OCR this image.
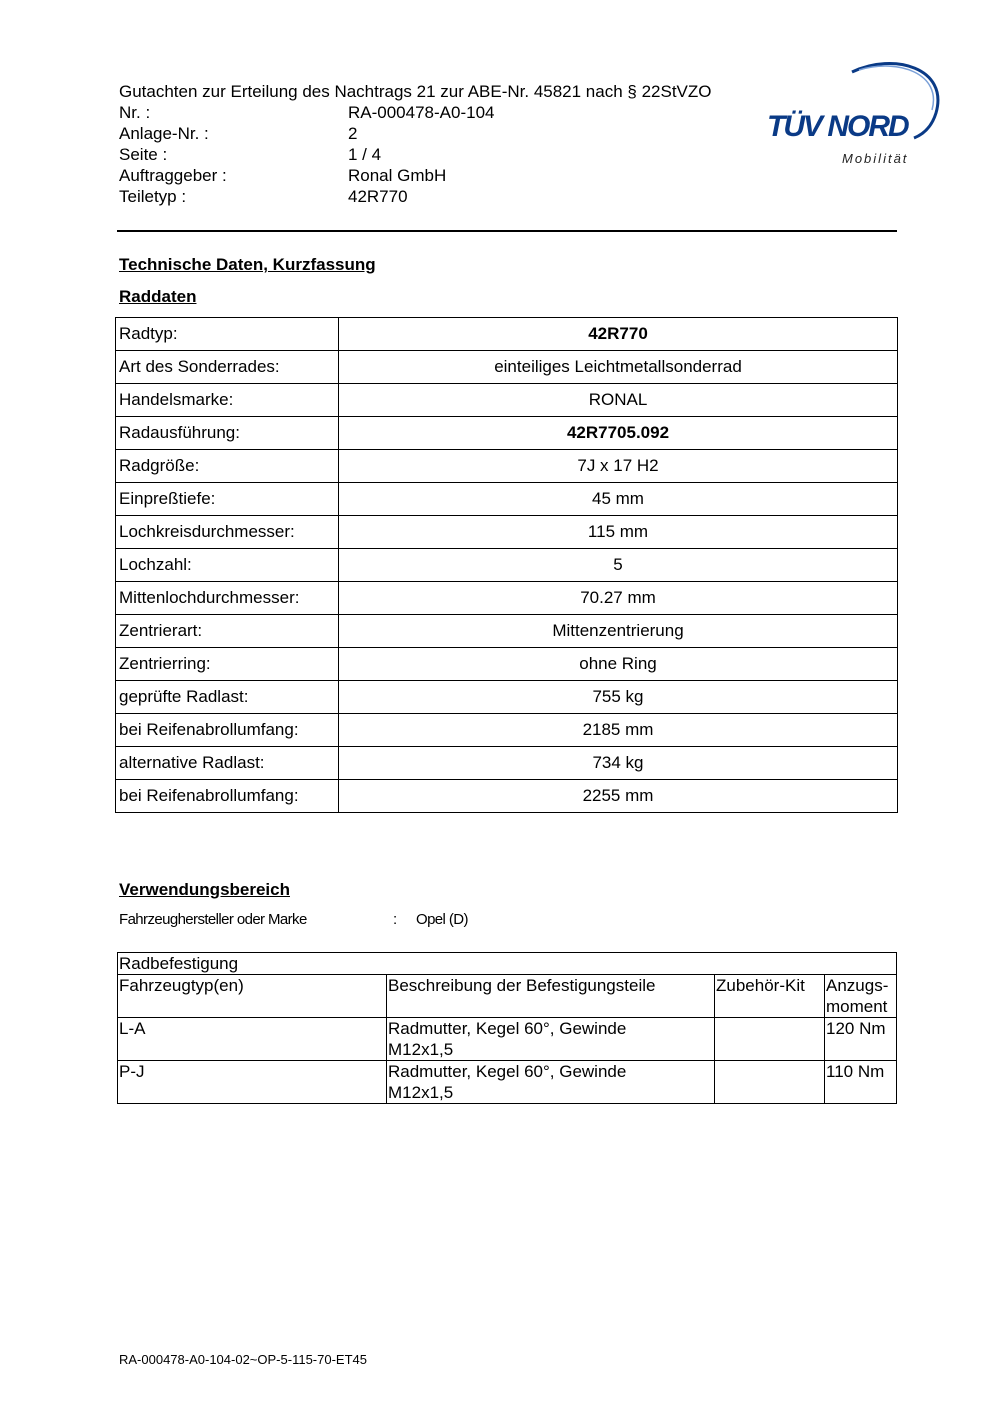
Gutachten zur Erteilung des Nachtrags 21 zur ABE-Nr. 45821 nach § 22StVZO
Nr. :	RA-000478-A0-104
Anlage-Nr. :	2
Seite :	1 / 4
Auftraggeber :	Ronal GmbH
Teiletyp :	42R770
TÜV NORD
Mobilität
Technische Daten, Kurzfassung
Raddaten
Radtyp:	42R770
Art des Sonderrades:	einteiliges Leichtmetallsonderrad
Handelsmarke:	RONAL
Radausführung:	42R7705.092
Radgröße:	7J x 17 H2
Einpreßtiefe:	45 mm
Lochkreisdurchmesser:	115 mm
Lochzahl:	5
Mittenlochdurchmesser:	70.27 mm
Zentrierart:	Mittenzentrierung
Zentrierring:	ohne Ring
geprüfte Radlast:	755 kg
bei Reifenabrollumfang:	2185 mm
alternative Radlast:	734 kg
bei Reifenabrollumfang:	2255 mm
Verwendungsbereich
Fahrzeughersteller oder Marke	: Opel (D)
Radbefestigung			
Fahrzeugtyp(en)	Beschreibung der Befestigungsteile	Zubehör-Kit	Anzugs-
moment
L-A	Radmutter, Kegel 60°, Gewinde
M12x1,5		120 Nm
P-J	Radmutter, Kegel 60°, Gewinde
M12x1,5		110 Nm
RA-000478-A0-104-02~OP-5-115-70-ET45
